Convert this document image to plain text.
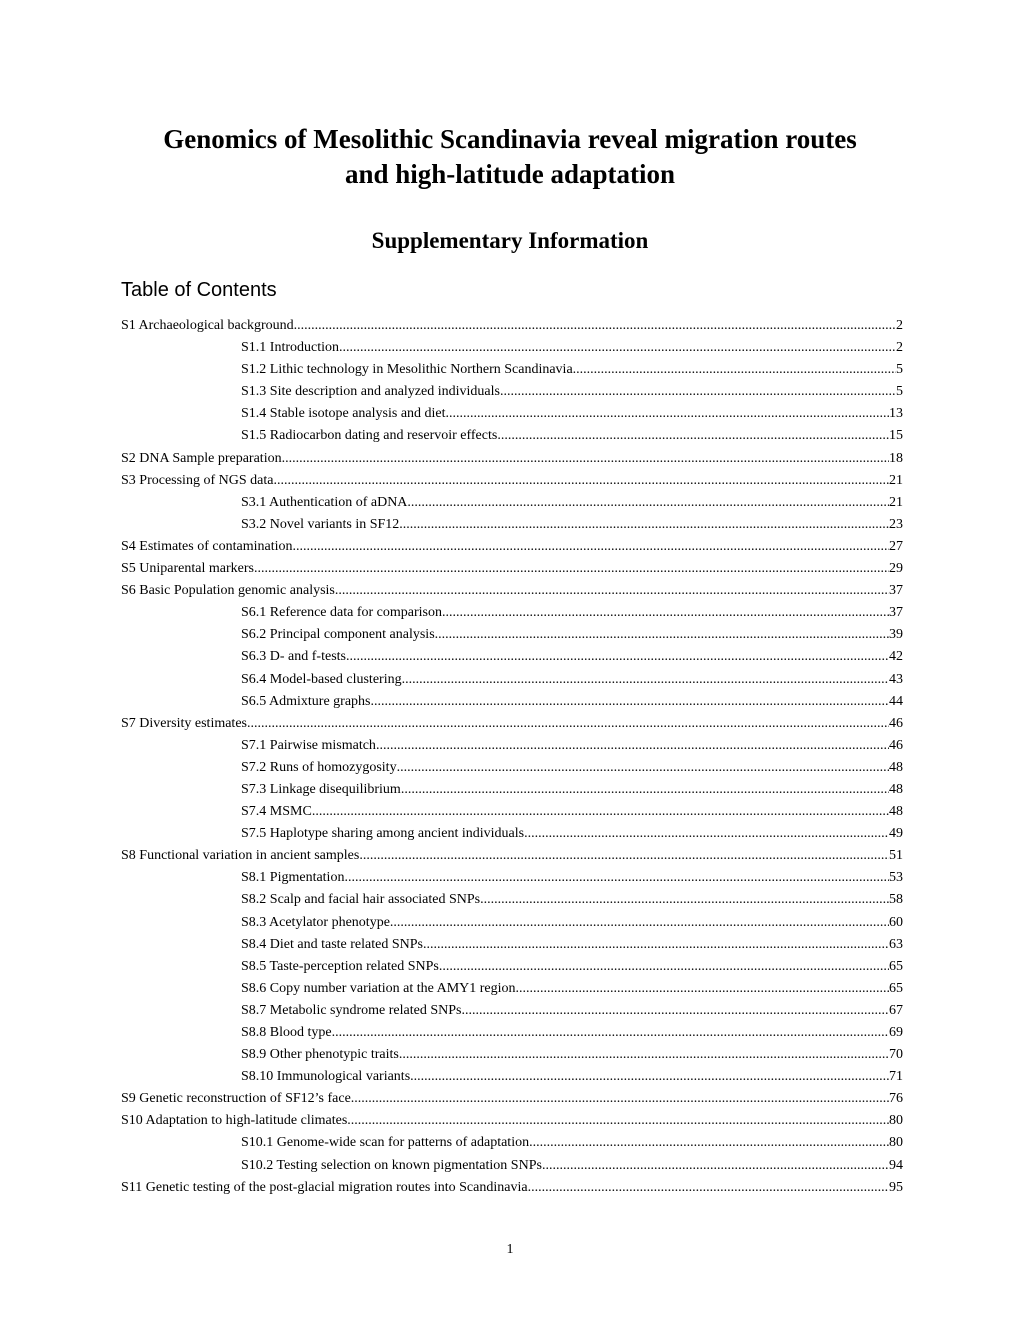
Genomics of Mesolithic Scandinavia reveal migration routes
and high-latitude adaptation
Supplementary Information
Table of Contents
S1 Archaeological background .....	2
S1.1 Introduction .....	2
S1.2 Lithic technology in Mesolithic Northern Scandinavia .....	5
S1.3 Site description and analyzed individuals .....	5
S1.4 Stable isotope analysis and diet .....	13
S1.5 Radiocarbon dating and reservoir effects .....	15
S2 DNA Sample preparation .....	18
S3 Processing of NGS data .....	21
S3.1 Authentication of aDNA .....	21
S3.2 Novel variants in SF12 .....	23
S4 Estimates of contamination .....	27
S5 Uniparental markers .....	29
S6 Basic Population genomic analysis .....	37
S6.1 Reference data for comparison .....	37
S6.2 Principal component analysis .....	39
S6.3 D- and f-tests .....	42
S6.4 Model-based clustering .....	43
S6.5 Admixture graphs .....	44
S7 Diversity estimates .....	46
S7.1 Pairwise mismatch .....	46
S7.2 Runs of homozygosity .....	48
S7.3 Linkage disequilibrium .....	48
S7.4 MSMC .....	48
S7.5 Haplotype sharing among ancient individuals .....	49
S8 Functional variation in ancient samples .....	51
S8.1 Pigmentation .....	53
S8.2 Scalp and facial hair associated SNPs .....	58
S8.3 Acetylator phenotype .....	60
S8.4 Diet and taste related SNPs .....	63
S8.5 Taste-perception related SNPs .....	65
S8.6 Copy number variation at the AMY1 region .....	65
S8.7 Metabolic syndrome related SNPs .....	67
S8.8 Blood type .....	69
S8.9 Other phenotypic traits .....	70
S8.10 Immunological variants .....	71
S9 Genetic reconstruction of SF12’s face .....	76
S10 Adaptation to high-latitude climates .....	80
S10.1 Genome-wide scan for patterns of adaptation .....	80
S10.2 Testing selection on known pigmentation SNPs .....	94
S11 Genetic testing of the post-glacial migration routes into Scandinavia .....	95
1
